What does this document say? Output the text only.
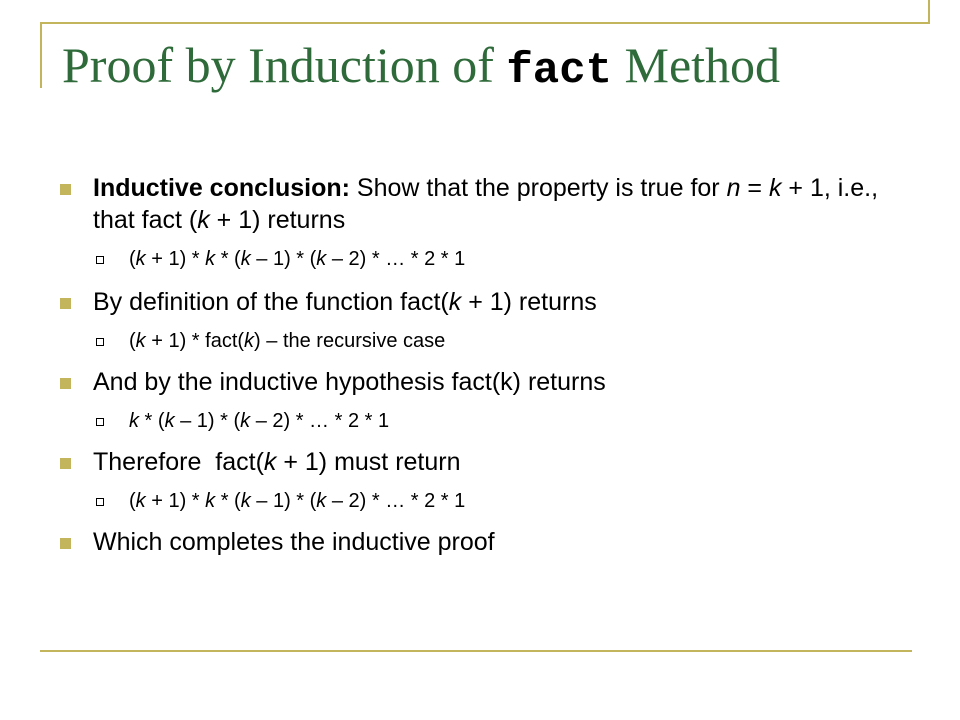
Proof by Induction of fact Method
Inductive conclusion: Show that the property is true for n = k + 1, i.e., that fact (k + 1) returns
(k + 1) * k * (k – 1) * (k – 2) * … * 2 * 1
By definition of the function fact(k + 1) returns
(k + 1) * fact(k) – the recursive case
And by the inductive hypothesis fact(k) returns
k * (k – 1) * (k – 2) * … * 2 * 1
Therefore  fact(k + 1) must return
(k + 1) * k * (k – 1) * (k – 2) * … * 2 * 1
Which completes the inductive proof
